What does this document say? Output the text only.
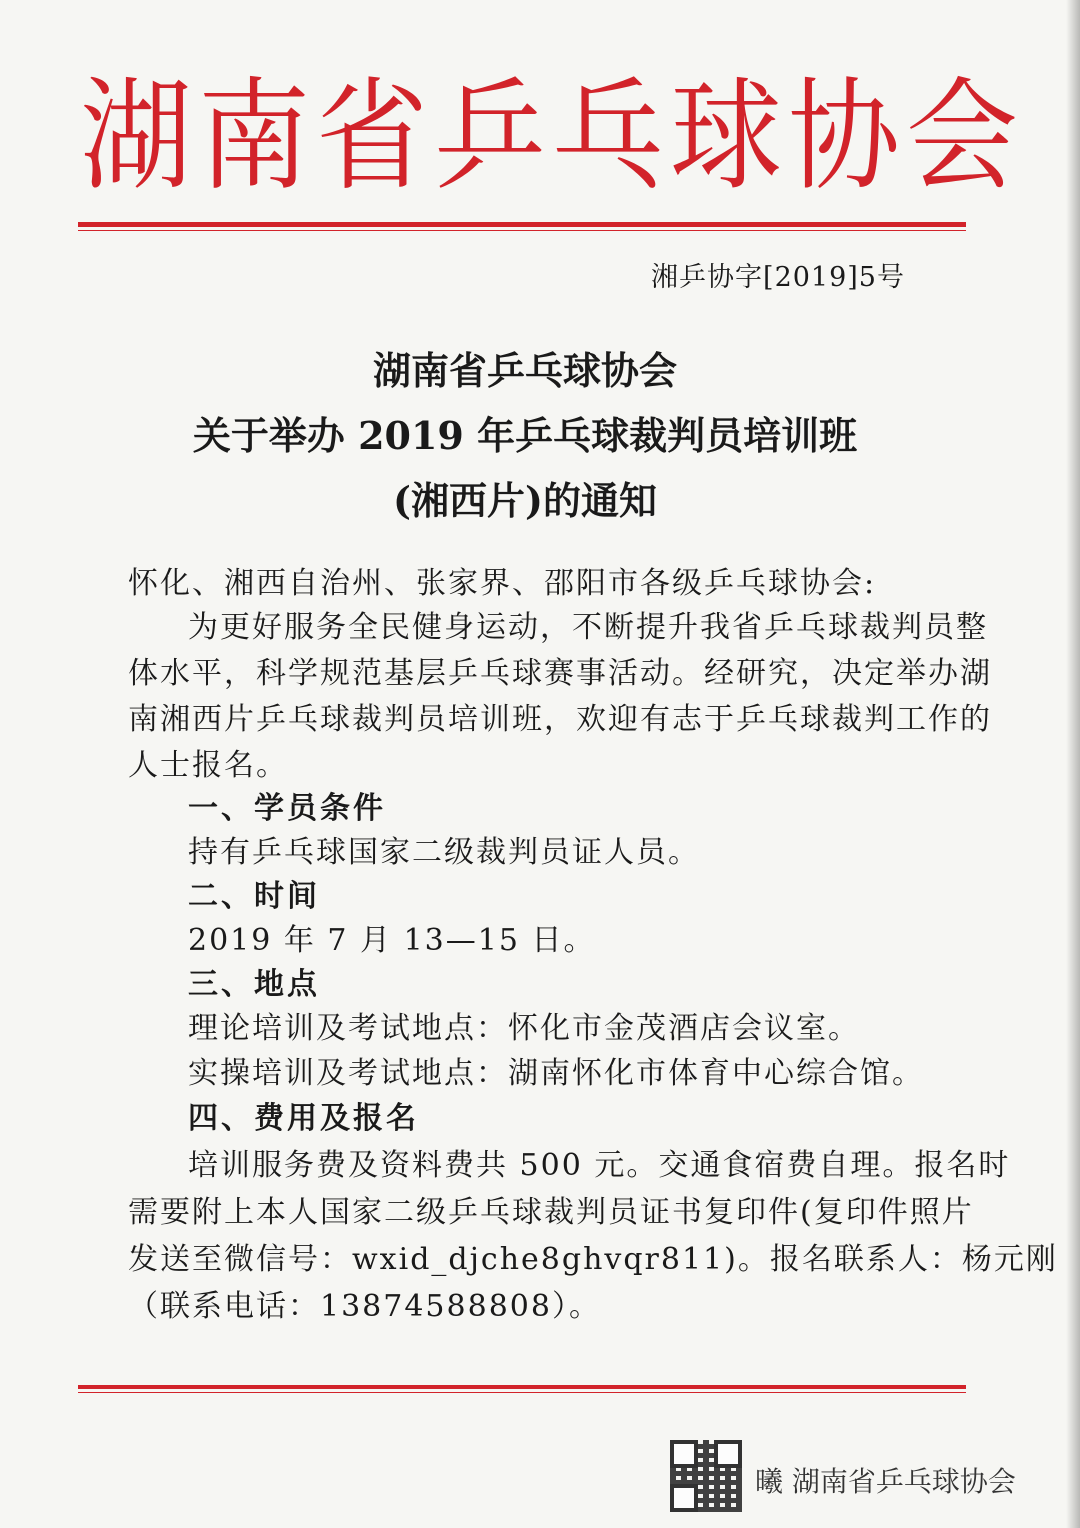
湖南省乒乓球协会
湘乒协字[2019]5号
湖南省乒乓球协会
关于举办 2019 年乒乓球裁判员培训班
(湘西片)的通知
怀化、湘西自治州、张家界、邵阳市各级乒乓球协会:
为更好服务全民健身运动，不断提升我省乒乓球裁判员整
体水平，科学规范基层乒乓球赛事活动。经研究，决定举办湖
南湘西片乒乓球裁判员培训班，欢迎有志于乒乓球裁判工作的
人士报名。
一、学员条件
持有乒乓球国家二级裁判员证人员。
二、时间
2019 年 7 月 13—15 日。
三、地点
理论培训及考试地点：怀化市金茂酒店会议室。
实操培训及考试地点：湖南怀化市体育中心综合馆。
四、费用及报名
培训服务费及资料费共 500 元。交通食宿费自理。报名时
需要附上本人国家二级乒乓球裁判员证书复印件(复印件照片
发送至微信号：wxid_djche8ghvqr811)。报名联系人：杨元刚
（联系电话：13874588808）。
曦 湖南省乒乓球协会
